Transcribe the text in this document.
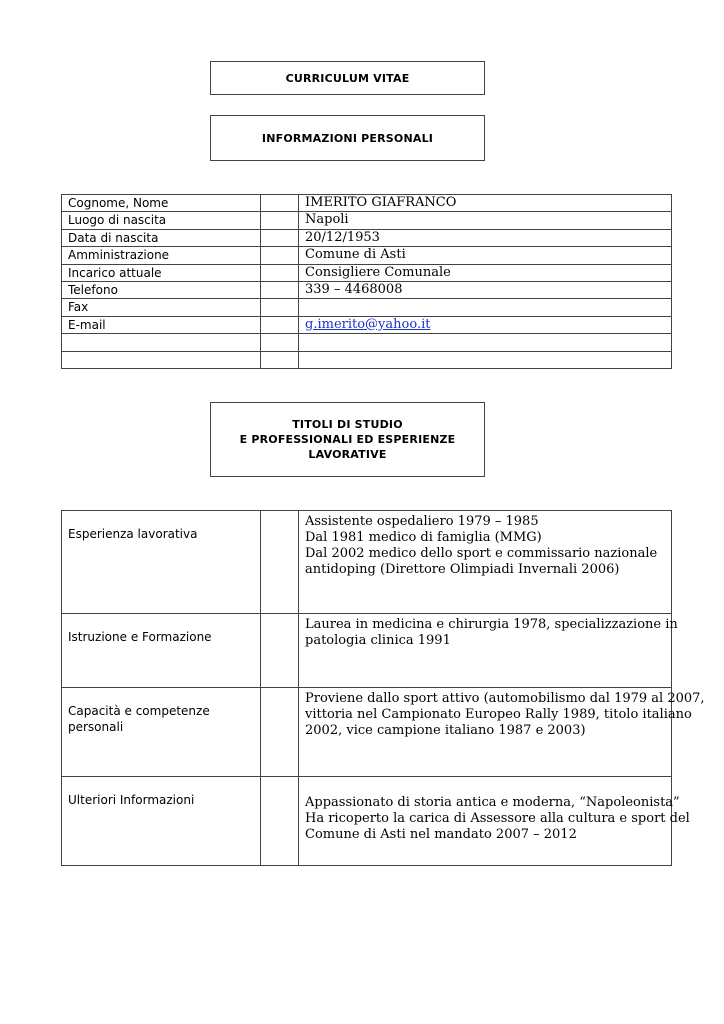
CURRICULUM VITAE
INFORMAZIONI PERSONALI
Cognome, Nome		IMERITO GIAFRANCO
Luogo di nascita		Napoli
Data di nascita		20/12/1953
Amministrazione		Comune di Asti
Incarico attuale		Consigliere Comunale
Telefono		339 – 4468008
Fax		
E-mail		g.imerito@yahoo.it

TITOLI DI STUDIO
E PROFESSIONALI ED ESPERIENZE
LAVORATIVE
Esperienza lavorativa		Assistente ospedaliero 1979 – 1985
Dal 1981 medico di famiglia (MMG)
Dal 2002 medico dello sport e commissario nazionale
antidoping (Direttore Olimpiadi Invernali 2006)

Istruzione e Formazione		Laurea in medicina e chirurgia 1978, specializzazione in
patologia clinica 1991

Capacità e competenze
personali		Proviene dallo sport attivo (automobilismo dal 1979 al 2007,
vittoria nel Campionato Europeo Rally 1989, titolo italiano
2002, vice campione italiano 1987 e 2003)

Ulteriori Informazioni		Appassionato di storia antica e moderna, “Napoleonista”
Ha ricoperto la carica di Assessore alla cultura e sport del
Comune di Asti nel mandato 2007 – 2012
